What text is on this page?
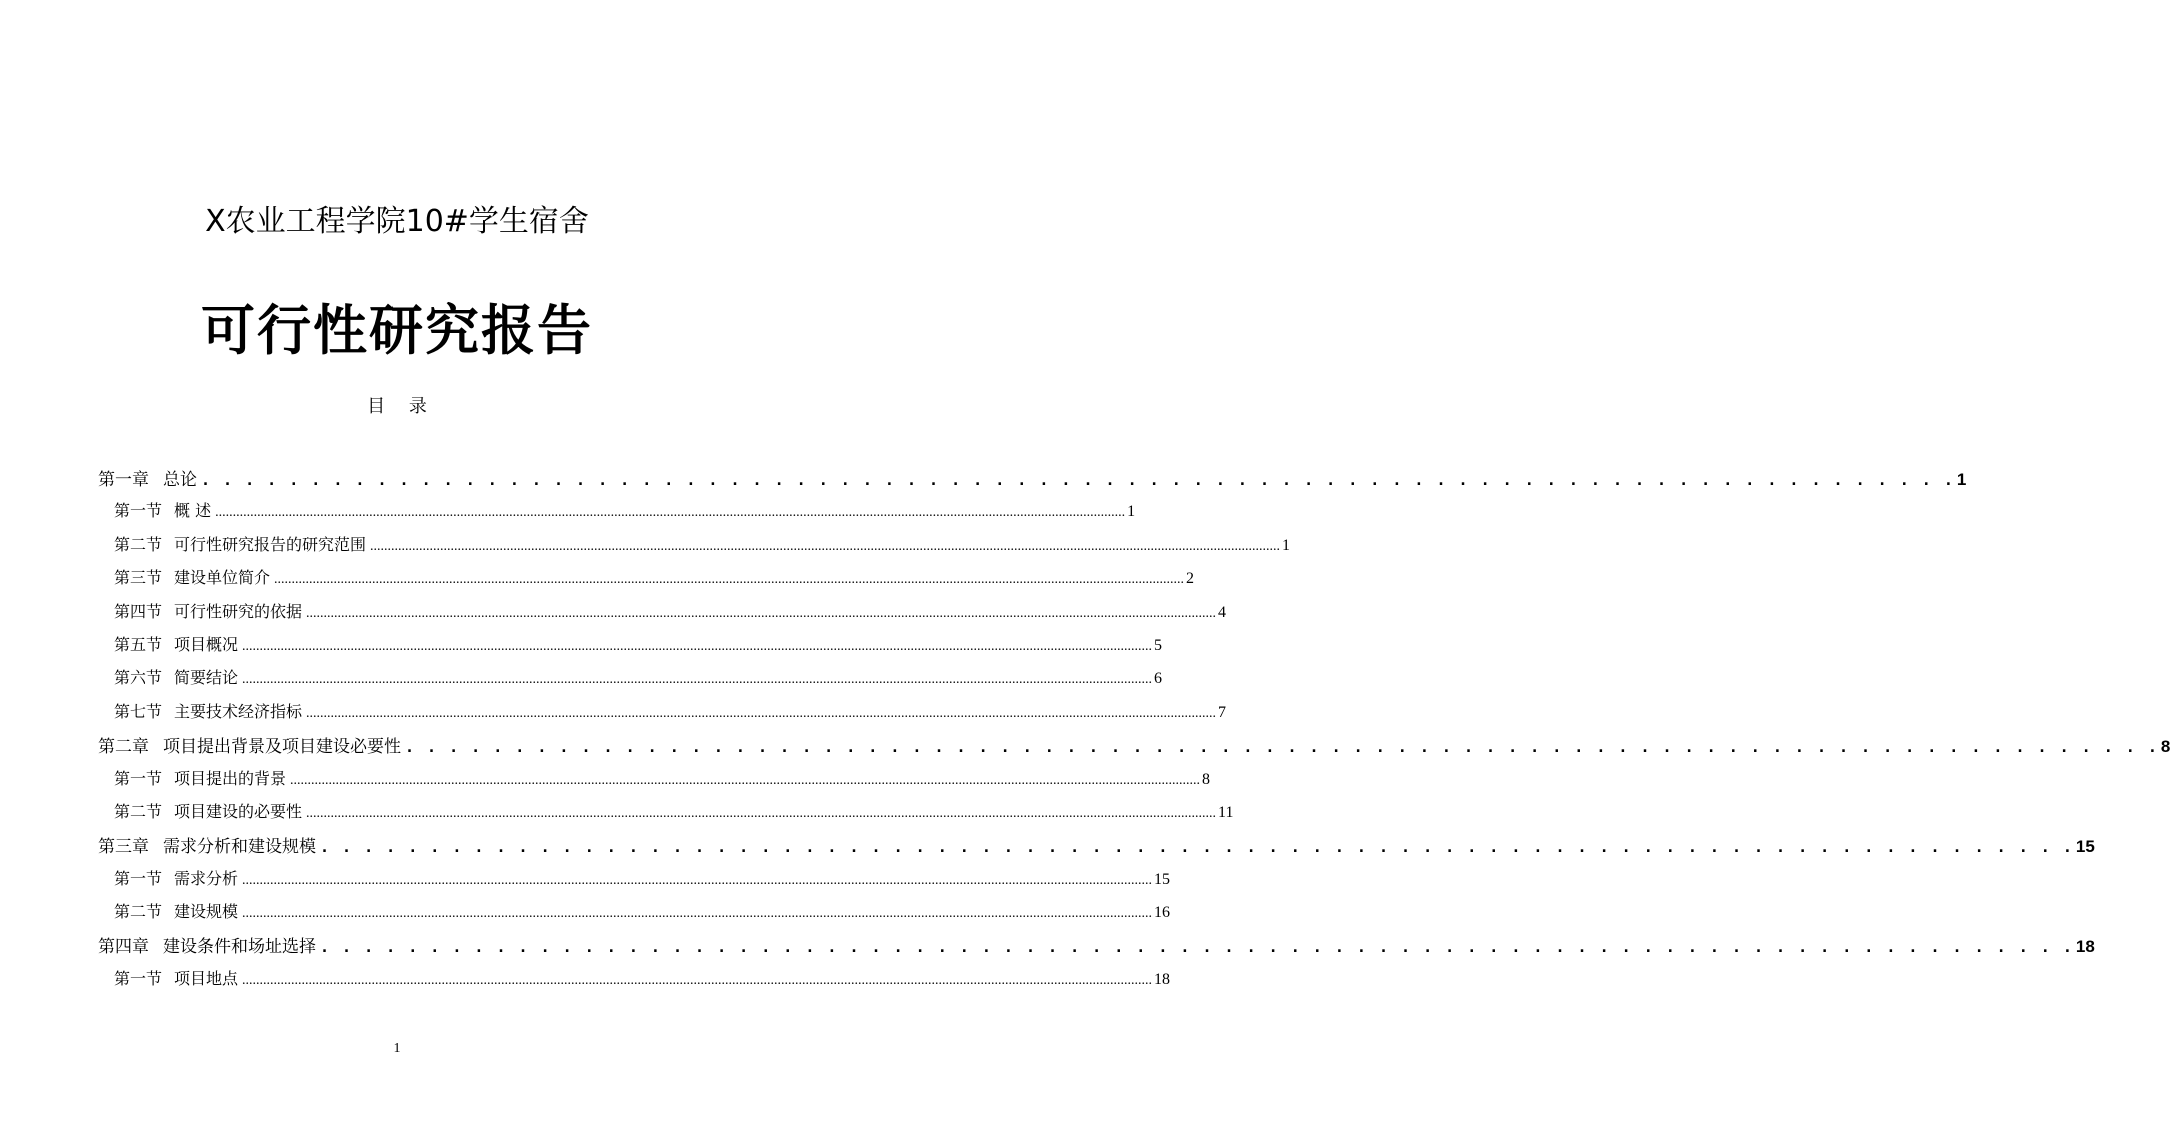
X农业工程学院10#学生宿舍
可行性研究报告
目 录
第一章 总论 . . . . . . . . . . . . . . . . . . . . . . . . . . . . . . . . . . . . . . . . . . . . . . . . . . . . . . . . . . . . . . . . . . . . . . . . . . . . . . . . 1
第一节 概 述 .................................................................................................................................................................................................................................................................... 1
第二节 可行性研究报告的研究范围 .................................................................................................................................................................................................................................................................... 1
第三节 建设单位简介 .................................................................................................................................................................................................................................................................... 2
第四节 可行性研究的依据 .................................................................................................................................................................................................................................................................... 4
第五节 项目概况 .................................................................................................................................................................................................................................................................... 5
第六节 简要结论 .................................................................................................................................................................................................................................................................... 6
第七节 主要技术经济指标 .................................................................................................................................................................................................................................................................... 7
第二章 项目提出背景及项目建设必要性 . . . . . . . . . . . . . . . . . . . . . . . . . . . . . . . . . . . . . . . . . . . . . . . . . . . . . . . . . . . . . . . . . . . . . . . . . . . . . . . . 8
第一节 项目提出的背景 .................................................................................................................................................................................................................................................................... 8
第二节 项目建设的必要性 .................................................................................................................................................................................................................................................................... 11
第三章 需求分析和建设规模 . . . . . . . . . . . . . . . . . . . . . . . . . . . . . . . . . . . . . . . . . . . . . . . . . . . . . . . . . . . . . . . . . . . . . . . . . . . . . . . . 15
第一节 需求分析 .................................................................................................................................................................................................................................................................... 15
第二节 建设规模 .................................................................................................................................................................................................................................................................... 16
第四章 建设条件和场址选择 . . . . . . . . . . . . . . . . . . . . . . . . . . . . . . . . . . . . . . . . . . . . . . . . . . . . . . . . . . . . . . . . . . . . . . . . . . . . . . . . 18
第一节 项目地点 .................................................................................................................................................................................................................................................................... 18
1
